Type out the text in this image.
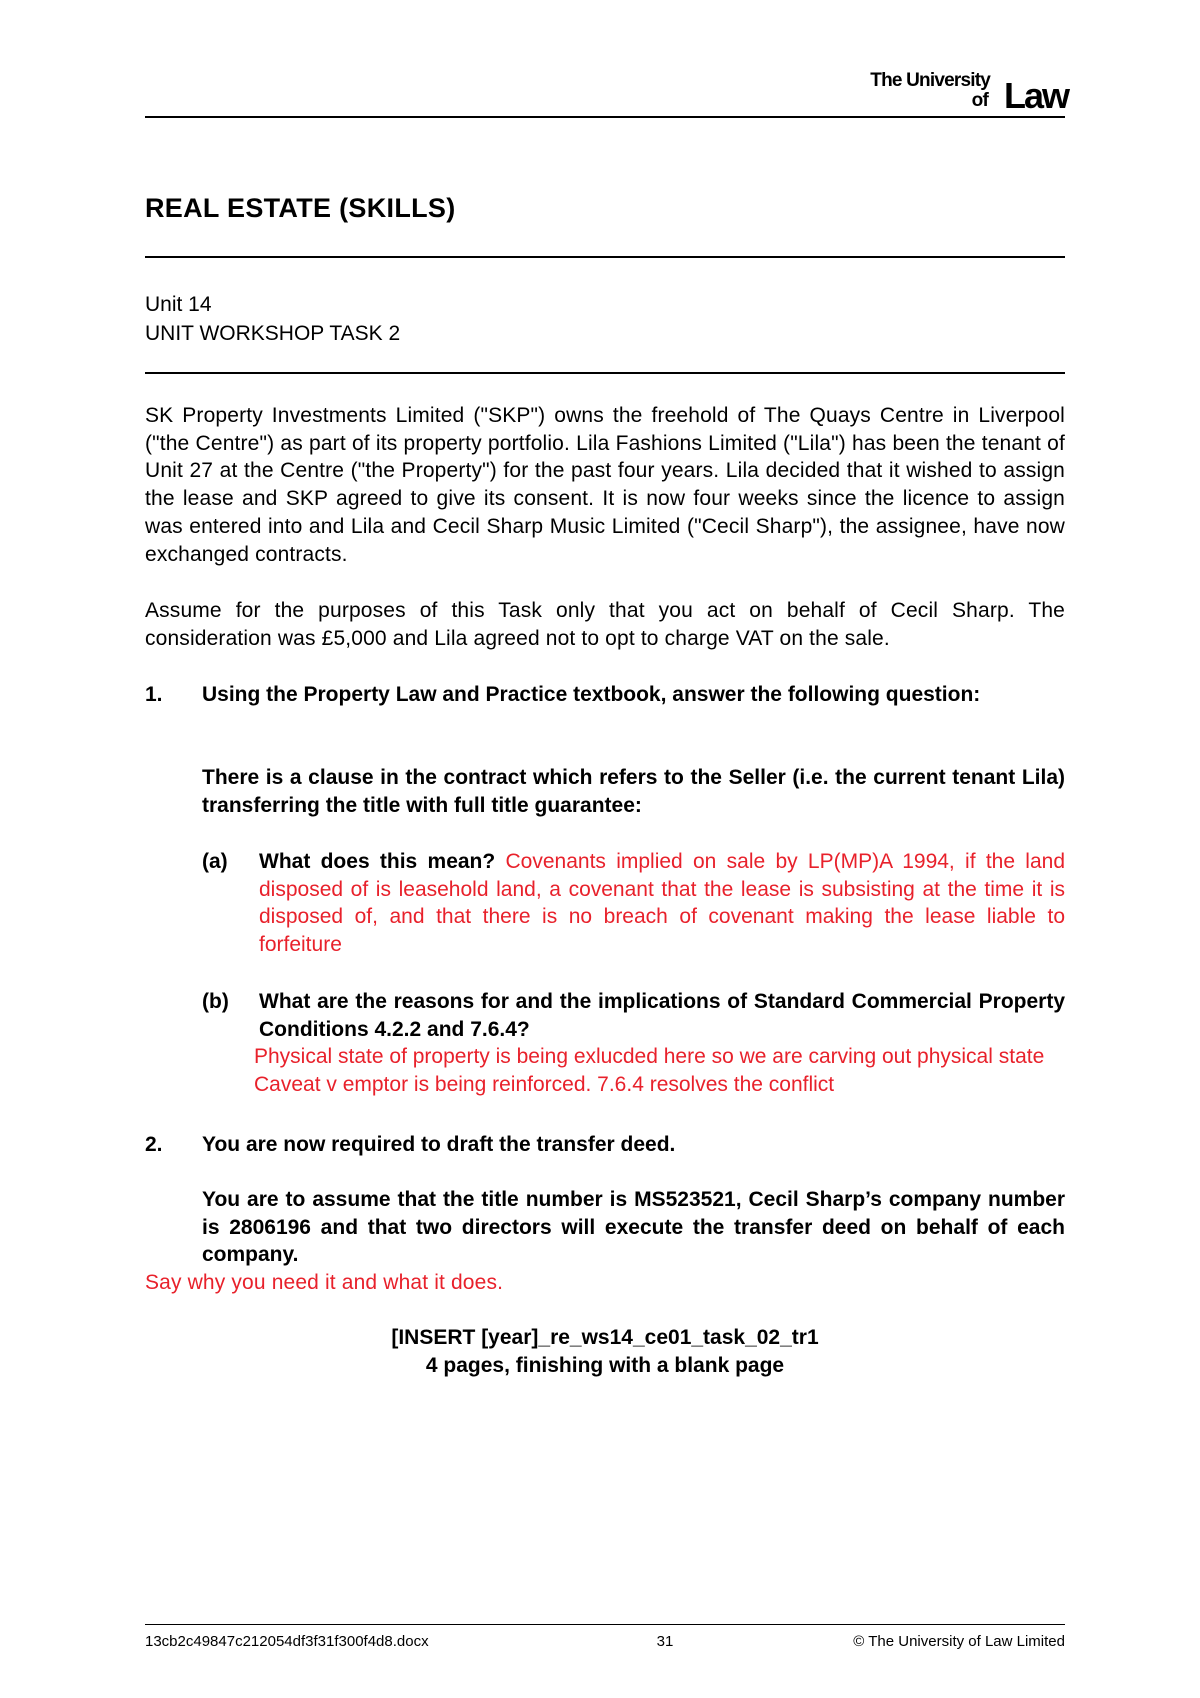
The University
of Law
REAL ESTATE (SKILLS)
Unit 14
UNIT WORKSHOP TASK 2
SK Property Investments Limited ("SKP") owns the freehold of The Quays Centre in Liverpool ("the Centre") as part of its property portfolio. Lila Fashions Limited ("Lila") has been the tenant of Unit 27 at the Centre ("the Property") for the past four years. Lila decided that it wished to assign the lease and SKP agreed to give its consent. It is now four weeks since the licence to assign was entered into and Lila and Cecil Sharp Music Limited ("Cecil Sharp"), the assignee, have now exchanged contracts.
Assume for the purposes of this Task only that you act on behalf of Cecil Sharp. The consideration was £5,000 and Lila agreed not to opt to charge VAT on the sale.
1. Using the Property Law and Practice textbook, answer the following question:
There is a clause in the contract which refers to the Seller (i.e. the current tenant Lila) transferring the title with full title guarantee:
(a) What does this mean? Covenants implied on sale by LP(MP)A 1994, if the land disposed of is leasehold land, a covenant that the lease is subsisting at the time it is disposed of, and that there is no breach of covenant making the lease liable to forfeiture
(b) What are the reasons for and the implications of Standard Commercial Property Conditions 4.2.2 and 7.6.4?
Physical state of property is being exlucded here so we are carving out physical state
Caveat v emptor is being reinforced. 7.6.4 resolves the conflict
2. You are now required to draft the transfer deed.
You are to assume that the title number is MS523521, Cecil Sharp’s company number is 2806196 and that two directors will execute the transfer deed on behalf of each company.
Say why you need it and what it does.
[INSERT [year]_re_ws14_ce01_task_02_tr1
4 pages, finishing with a blank page
13cb2c49847c212054df3f31f300f4d8.docx	31	© The University of Law Limited
